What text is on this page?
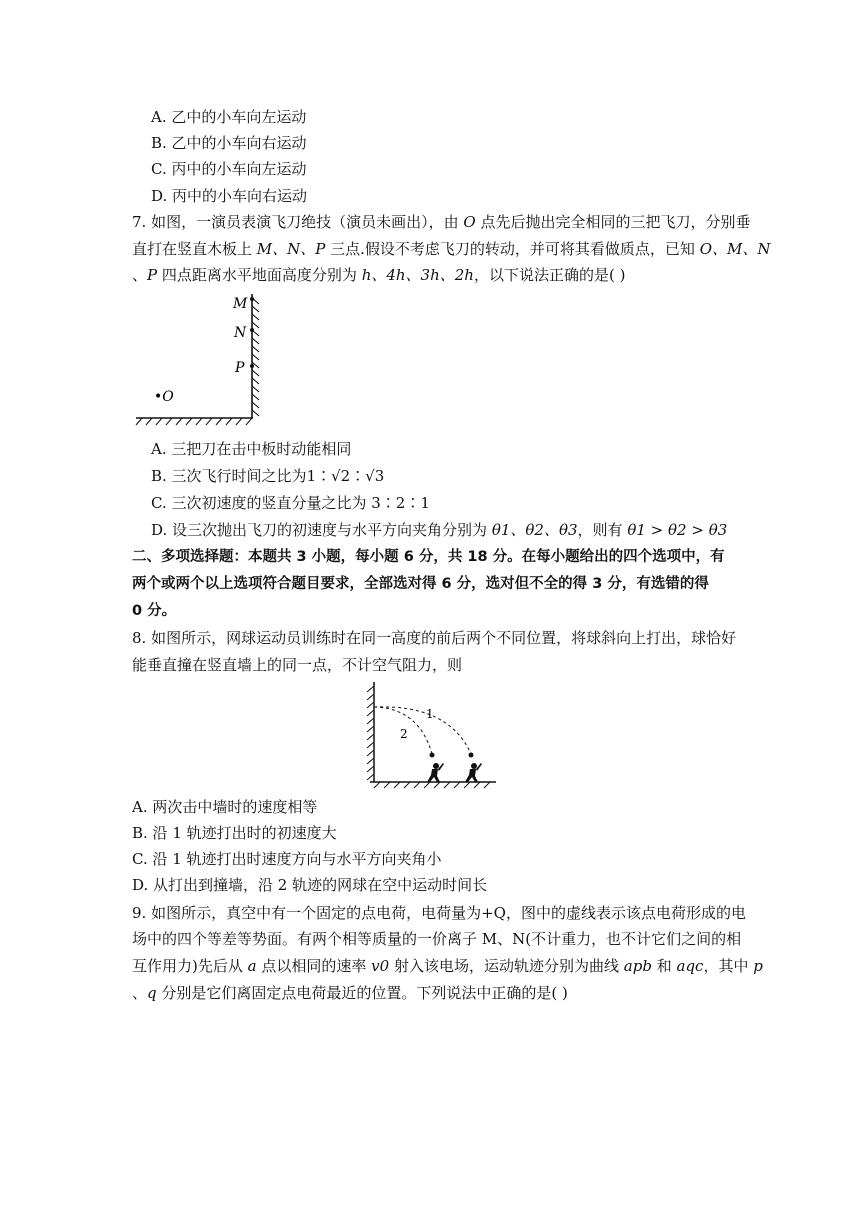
A. 乙中的小车向左运动
B. 乙中的小车向右运动
C. 丙中的小车向左运动
D. 丙中的小车向右运动
7. 如图，一演员表演飞刀绝技（演员未画出），由 O 点先后抛出完全相同的三把飞刀，分别垂
直打在竖直木板上 M、N、P 三点.假设不考虑飞刀的转动，并可将其看做质点，已知 O、M、N
、P 四点距离水平地面高度分别为 h、4h、3h、2h，以下说法正确的是( )
M
N
P
•O
A. 三把刀在击中板时动能相同
B. 三次飞行时间之比为1∶√2∶√3
C. 三次初速度的竖直分量之比为 3∶2∶1
D. 设三次抛出飞刀的初速度与水平方向夹角分别为 θ1、θ2、θ3，则有 θ1 > θ2 > θ3
二、多项选择题：本题共 3 小题，每小题 6 分，共 18 分。在每小题给出的四个选项中，有
两个或两个以上选项符合题目要求，全部选对得 6 分，选对但不全的得 3 分，有选错的得
0 分。
8. 如图所示，网球运动员训练时在同一高度的前后两个不同位置，将球斜向上打出，球恰好
能垂直撞在竖直墙上的同一点，不计空气阻力，则
1
2
A. 两次击中墙时的速度相等
B. 沿 1 轨迹打出时的初速度大
C. 沿 1 轨迹打出时速度方向与水平方向夹角小
D. 从打出到撞墙，沿 2 轨迹的网球在空中运动时间长
9. 如图所示，真空中有一个固定的点电荷，电荷量为+Q，图中的虚线表示该点电荷形成的电
场中的四个等差等势面。有两个相等质量的一价离子 M、N(不计重力，也不计它们之间的相
互作用力)先后从 a 点以相同的速率 v0 射入该电场，运动轨迹分别为曲线 apb 和 aqc，其中 p
、q 分别是它们离固定点电荷最近的位置。下列说法中正确的是( )
